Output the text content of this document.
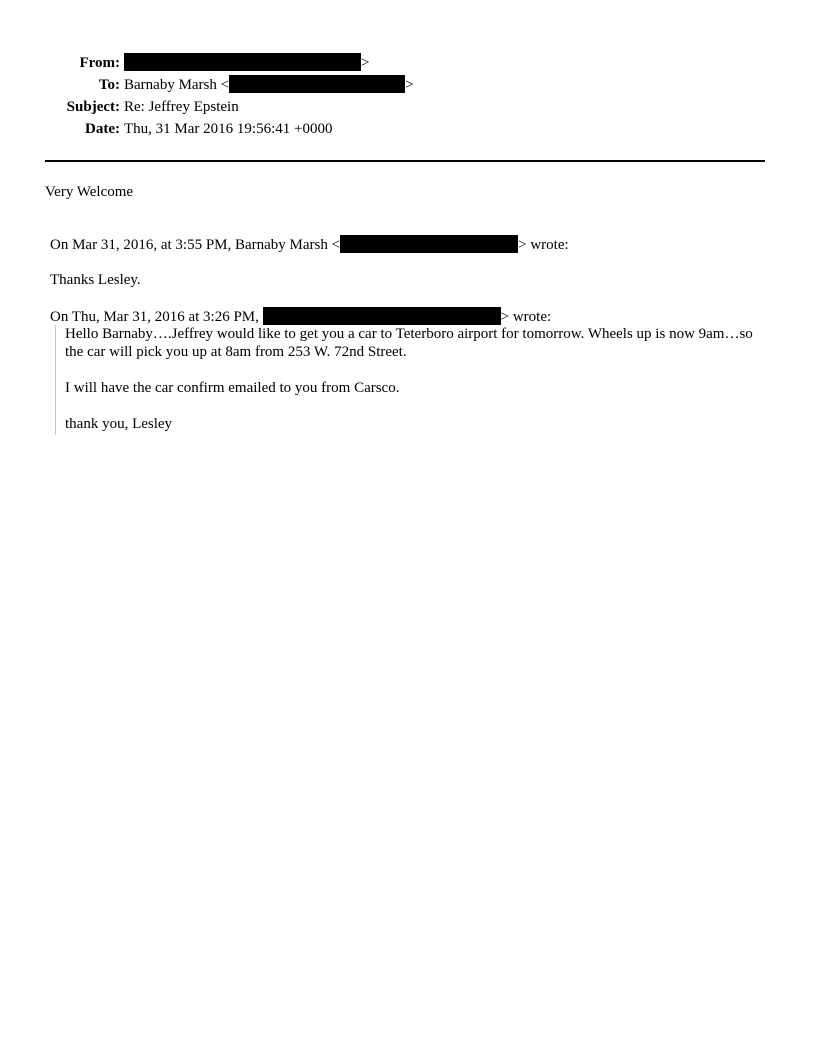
From:	>
To: Barnaby Marsh <	>
Subject: Re: Jeffrey Epstein
Date: Thu, 31 Mar 2016 19:56:41 +0000
Very Welcome
On Mar 31, 2016, at 3:55 PM, Barnaby Marsh <	> wrote:
Thanks Lesley.
On Thu, Mar 31, 2016 at 3:26 PM,	> wrote:
Hello Barnaby….Jeffrey would like to get you a car to Teterboro airport for tomorrow. Wheels up is now 9am…so the car will pick you up at 8am from 253 W. 72nd Street.
I will have the car confirm emailed to you from Carsco.
thank you, Lesley
